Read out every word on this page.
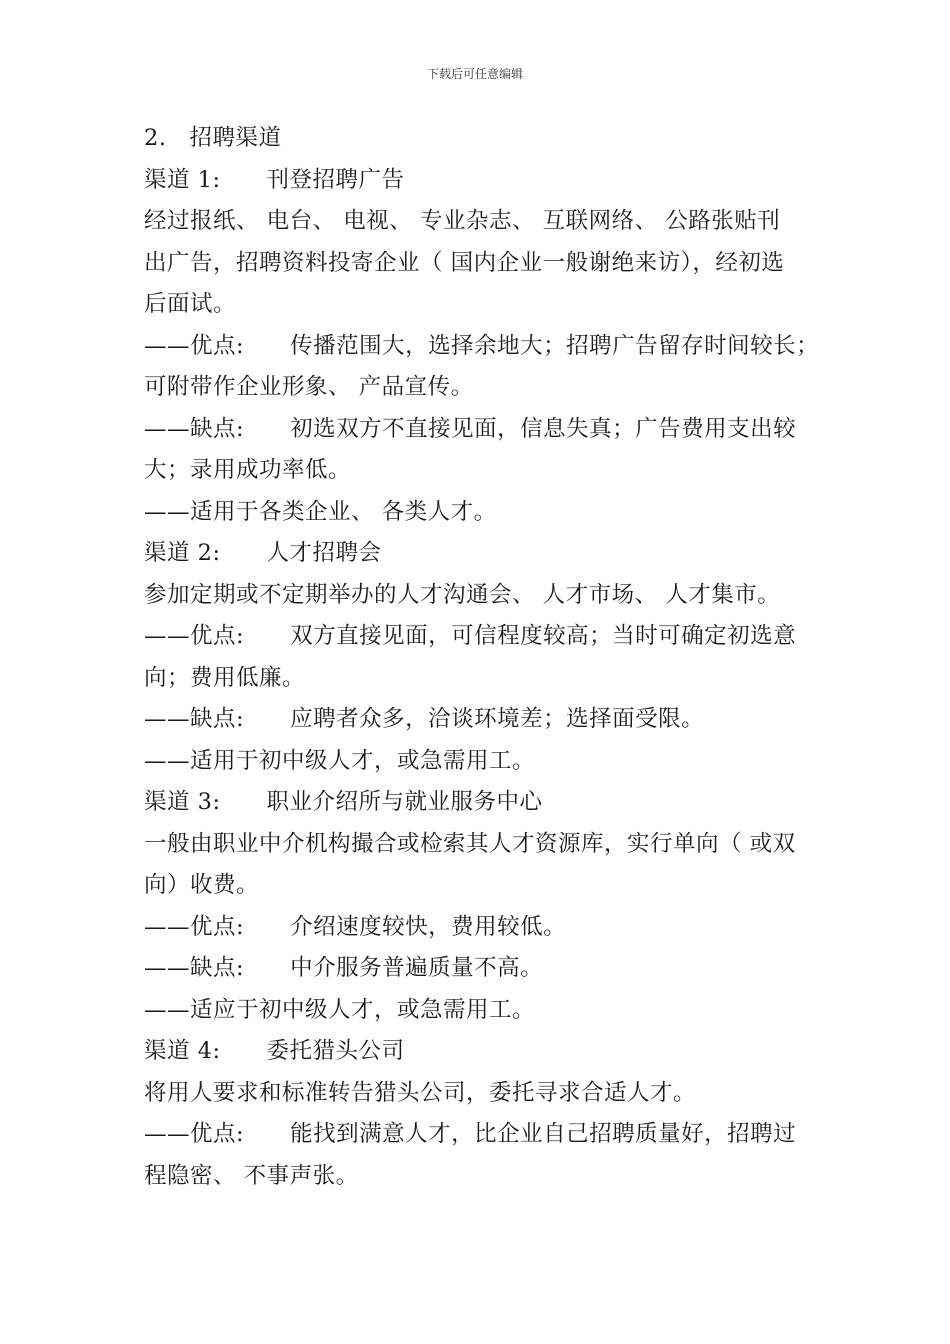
下载后可任意编辑
2.　招聘渠道
渠道 1:　　刊登招聘广告
经过报纸、 电台、 电视、 专业杂志、 互联网络、 公路张贴刊
出广告，招聘资料投寄企业（ 国内企业一般谢绝来访），经初选
后面试。
——优点:　　传播范围大，选择余地大；招聘广告留存时间较长；
可附带作企业形象、 产品宣传。
——缺点:　　初选双方不直接见面，信息失真；广告费用支出较
大；录用成功率低。
——适用于各类企业、 各类人才。
渠道 2:　　人才招聘会
参加定期或不定期举办的人才沟通会、 人才市场、 人才集市。
——优点:　　双方直接见面，可信程度较高；当时可确定初选意
向；费用低廉。
——缺点:　　应聘者众多，洽谈环境差；选择面受限。
——适用于初中级人才，或急需用工。
渠道 3:　　职业介绍所与就业服务中心
一般由职业中介机构撮合或检索其人才资源库，实行单向（ 或双
向）收费。
——优点:　　介绍速度较快，费用较低。
——缺点:　　中介服务普遍质量不高。
——适应于初中级人才，或急需用工。
渠道 4:　　委托猎头公司
将用人要求和标准转告猎头公司，委托寻求合适人才。
——优点:　　能找到满意人才，比企业自己招聘质量好，招聘过
程隐密、 不事声张。
